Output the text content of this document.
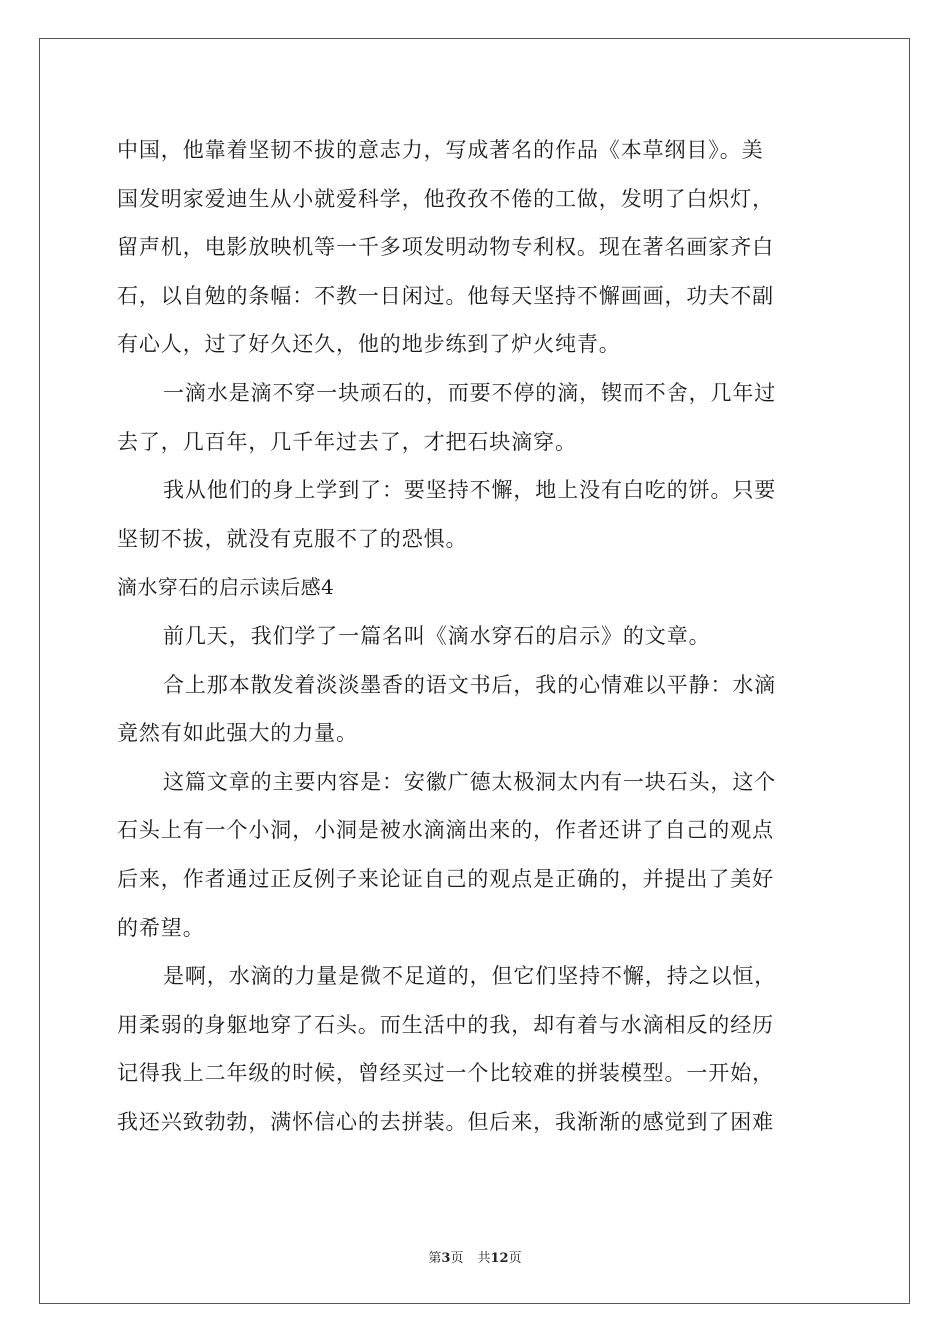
中国，他靠着坚韧不拔的意志力，写成著名的作品《本草纲目》。美
国发明家爱迪生从小就爱科学，他孜孜不倦的工做，发明了白炽灯，
留声机，电影放映机等一千多项发明动物专利权。现在著名画家齐白
石，以自勉的条幅：不教一日闲过。他每天坚持不懈画画，功夫不副
有心人，过了好久还久，他的地步练到了炉火纯青。
一滴水是滴不穿一块顽石的，而要不停的滴，锲而不舍，几年过
去了，几百年，几千年过去了，才把石块滴穿。
我从他们的身上学到了：要坚持不懈，地上没有白吃的饼。只要
坚韧不拔，就没有克服不了的恐惧。
滴水穿石的启示读后感4
前几天，我们学了一篇名叫《滴水穿石的启示》的文章。
合上那本散发着淡淡墨香的语文书后，我的心情难以平静：水滴
竟然有如此强大的力量。
这篇文章的主要内容是：安徽广德太极洞太内有一块石头，这个
石头上有一个小洞，小洞是被水滴滴出来的，作者还讲了自己的观点
后来，作者通过正反例子来论证自己的观点是正确的，并提出了美好
的希望。
是啊，水滴的力量是微不足道的，但它们坚持不懈，持之以恒，
用柔弱的身躯地穿了石头。而生活中的我，却有着与水滴相反的经历
记得我上二年级的时候，曾经买过一个比较难的拼装模型。一开始，
我还兴致勃勃，满怀信心的去拼装。但后来，我渐渐的感觉到了困难
第3页 共12页
